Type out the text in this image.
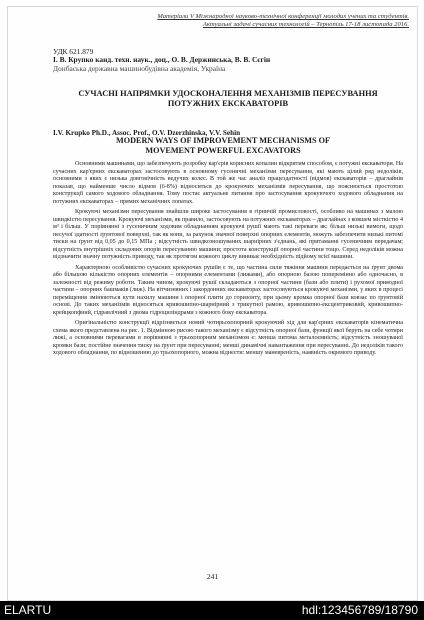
Матеріали V Міжнародної науково-технічної конференції молодих учених та студентів.
Актуальні задачі сучасних технологій – Тернопіль 17-18 листопада 2016.
УДК 621.879
І. В. Крупко канд. техн. наук., доц., О. В. Держинська, В. В. Сєгін
Донбаська державна машинобудівна академія, Україна
СУЧАСНІ НАПРЯМКИ УДОСКОНАЛЕННЯ МЕХАНІЗМІВ ПЕРЕСУВАННЯ ПОТУЖНИХ ЕКСКАВАТОРІВ
I.V. Krupko Ph.D., Assoc. Prof., O.V. Dzerzhinska, V.V. Sehin
MODERN WAYS OF IMPROVEMENT MECHANISMS OF MOVEMENT POWERFUL EXCAVATORS

Основними машинами, що забезпечують розробку кар'єрів корисних копалин відкритим способом, є потужні екскаватори. На сучасних кар'єрних екскаваторах застосовують в основному гусеничні механізми пересування, які мають цілий ряд недоліків, основними з яких є низька довговічність ведучих колес. В той же час аналіз працездатності (відмов) екскаваторів – драглайнів показав, що найменше число відмов (6-8%) відноситься до крокуючих механізмів пересування, що пояснюється простотою конструкції самого ходового обладнання. Тому постає актуальне питання про застосування крокуючого ходового обладнання на потужних екскаваторах – прямих механічних лопатах.

Крокуючі механізми пересування знайшли широке застосування в гірничій промисловості, особливо на машинах з малою швидкістю пересування. Крокуючі механізми, як правило, застосовують на потужних екскаваторах – драглайнах з ковшем місткістю 4 м³ і більш. У порівнянні з гусеничним ходовим обладнанням крокуючі рушії мають такі переваги як: більш низькі вимоги, щодо несучої здатності ґрунтової поверхні, так як вони, за рахунок значної поверхні опорних елементів, можуть забезпечити низькі питомі тиски на ґрунт від 0,05 до 0,15 МПа ; відсутність швидкозношуваних шарнірних з'єднань, які притаманні гусеничним передачам; відсутність внутрішніх складових опорів пересуванню машини; простота конструкції опорної частини тощо. Серед недоліків можна відзначити значну потужність приводу, так як протягом кожного циклу виникає необхідність підйому всієї машини.

Характерною особливістю сучасних крокуючих рушіїв є те, що частина сили тяжіння машини передається на ґрунт двома або більшою кількістю опорних елементів – опорними елементами (лижами), або опорною базою поперемінно або одночасно, в залежності від режиму роботи. Таким чином, крокуючі рушії складаються з опорної частини (бази або плити) і рухомої приводної частини – опорних башмаків (лиж). На вітчизняних і закордонних екскаваторах застосовуються крокуючі механізми, у яких в процесі переміщення змінюються кути нахилу машини і опорної плити до горизонту, при цьому кромка опорної бази ковзає по ґрунтовій основі. До таких механізмів відносяться кривошипно-шарнірний з трикутної рамою, кривошипно-ексцентриковий, кривошипно-крейцкопфний, гідравлічний з двома гідроциліндрами з кожного боку екскаватора.

Оригінальністю конструкції відрізняється новий чотирьохопорний крокуючий хід для кар'єрних екскаваторів кінематична схема якого представлена на рис. 1. Відмінною рисою такого механізму є відсутність опорної бази, функції якої беруть на себе чотири лижі, а основними перевагами в порівнянні з трьохопорним механізмом є: менша питома металоємність; відсутність зношуваної кромки бази; постійне значення тиску на ґрунт при пересуванні; менші динамічні навантаження при пересуванні. До недоліків такого ходового обладнання, по відношенню до трьохопорного, можна віднести: меншу маневреність, наявність окремого приводу.

241
ELARTU	hdl:123456789/18790
